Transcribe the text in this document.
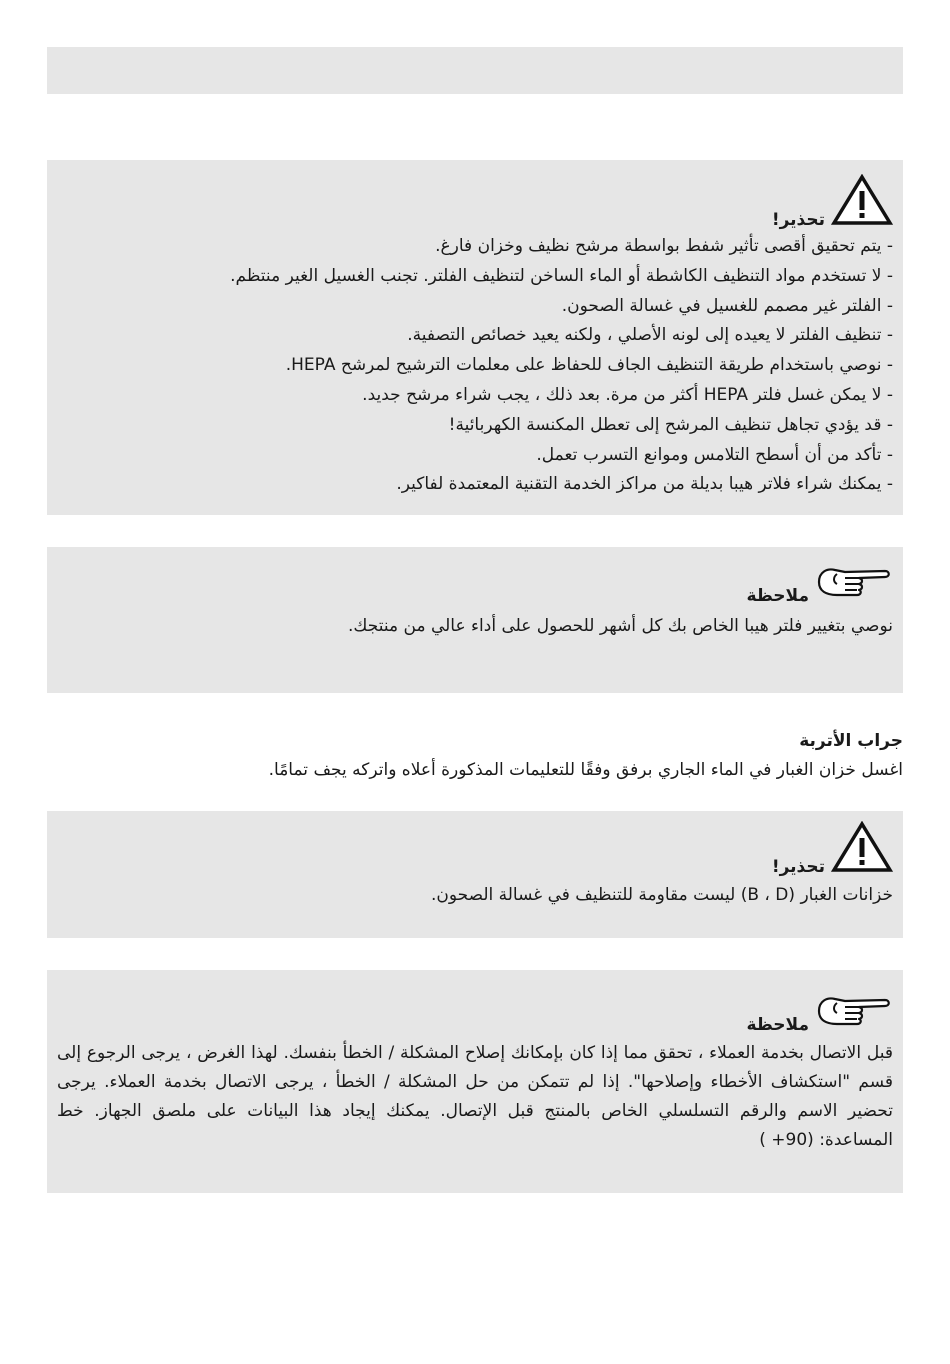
تحذير!
- يتم تحقيق أقصى تأثير شفط بواسطة مرشح نظيف وخزان فارغ.
- لا تستخدم مواد التنظيف الكاشطة أو الماء الساخن لتنظيف الفلتر. تجنب الغسيل الغير منتظم.
- الفلتر غير مصمم للغسيل في غسالة الصحون.
- تنظيف الفلتر لا يعيده إلى لونه الأصلي ، ولكنه يعيد خصائص التصفية.
- نوصي باستخدام طريقة التنظيف الجاف للحفاظ على معلمات الترشيح لمرشح HEPA.
- لا يمكن غسل فلتر HEPA أكثر من مرة. بعد ذلك ، يجب شراء مرشح جديد.
- قد يؤدي تجاهل تنظيف المرشح إلى تعطل المكنسة الكهربائية!
- تأكد من أن أسطح التلامس وموانع التسرب تعمل.
- يمكنك شراء فلاتر هيبا بديلة من مراكز الخدمة التقنية المعتمدة لفاكير.
ملاحظة

نوصي بتغيير فلتر هيبا الخاص بك كل أشهر للحصول على أداء عالي من منتجك.

جراب الأتربة

اغسل خزان الغبار في الماء الجاري برفق وفقًا للتعليمات المذكورة أعلاه واتركه يجف تمامًا.

تحذير!

خزانات الغبار (B ، D) ليست مقاومة للتنظيف في غسالة الصحون.

ملاحظة

قبل الاتصال بخدمة العملاء ، تحقق مما إذا كان بإمكانك إصلاح المشكلة / الخطأ بنفسك. لهذا الغرض ، يرجى الرجوع إلى قسم "استكشاف الأخطاء وإصلاحها". إذا لم تتمكن من حل المشكلة / الخطأ ، يرجى الاتصال بخدمة العملاء. يرجى تحضير الاسم والرقم التسلسلي الخاص بالمنتج قبل الإتصال. يمكنك إيجاد هذا البيانات على ملصق الجهاز. خط المساعدة: (90+ )
